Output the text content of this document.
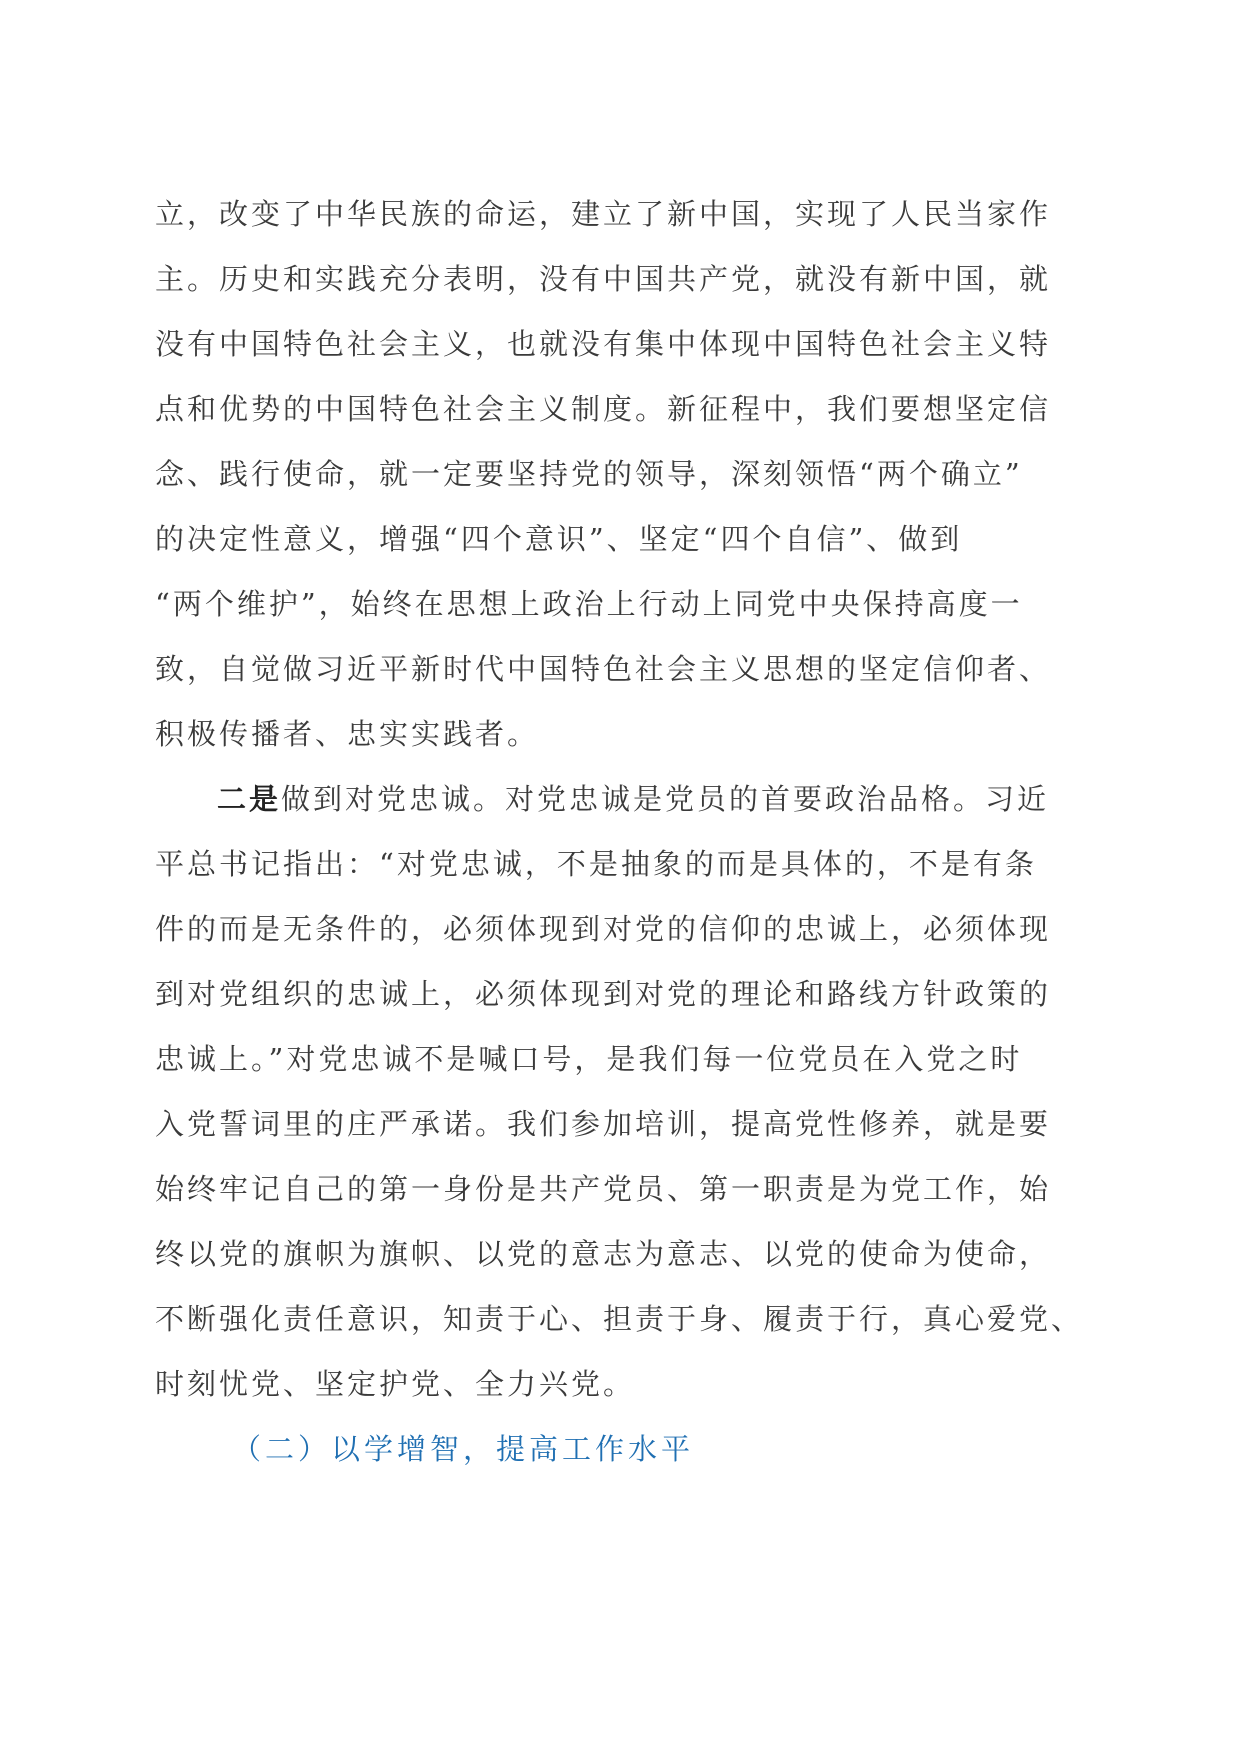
立，改变了中华民族的命运，建立了新中国，实现了人民当家作
主。历史和实践充分表明，没有中国共产党，就没有新中国，就
没有中国特色社会主义，也就没有集中体现中国特色社会主义特
点和优势的中国特色社会主义制度。新征程中，我们要想坚定信
念、践行使命，就一定要坚持党的领导，深刻领悟“两个确立”
的决定性意义，增强“四个意识”、坚定“四个自信”、做到
“两个维护”，始终在思想上政治上行动上同党中央保持高度一
致，自觉做习近平新时代中国特色社会主义思想的坚定信仰者、
积极传播者、忠实实践者。
二是做到对党忠诚。对党忠诚是党员的首要政治品格。习近
平总书记指出：“对党忠诚，不是抽象的而是具体的，不是有条
件的而是无条件的，必须体现到对党的信仰的忠诚上，必须体现
到对党组织的忠诚上，必须体现到对党的理论和路线方针政策的
忠诚上。”对党忠诚不是喊口号，是我们每一位党员在入党之时
入党誓词里的庄严承诺。我们参加培训，提高党性修养，就是要
始终牢记自己的第一身份是共产党员、第一职责是为党工作，始
终以党的旗帜为旗帜、以党的意志为意志、以党的使命为使命，
不断强化责任意识，知责于心、担责于身、履责于行，真心爱党、
时刻忧党、坚定护党、全力兴党。
（二）以学增智，提高工作水平
